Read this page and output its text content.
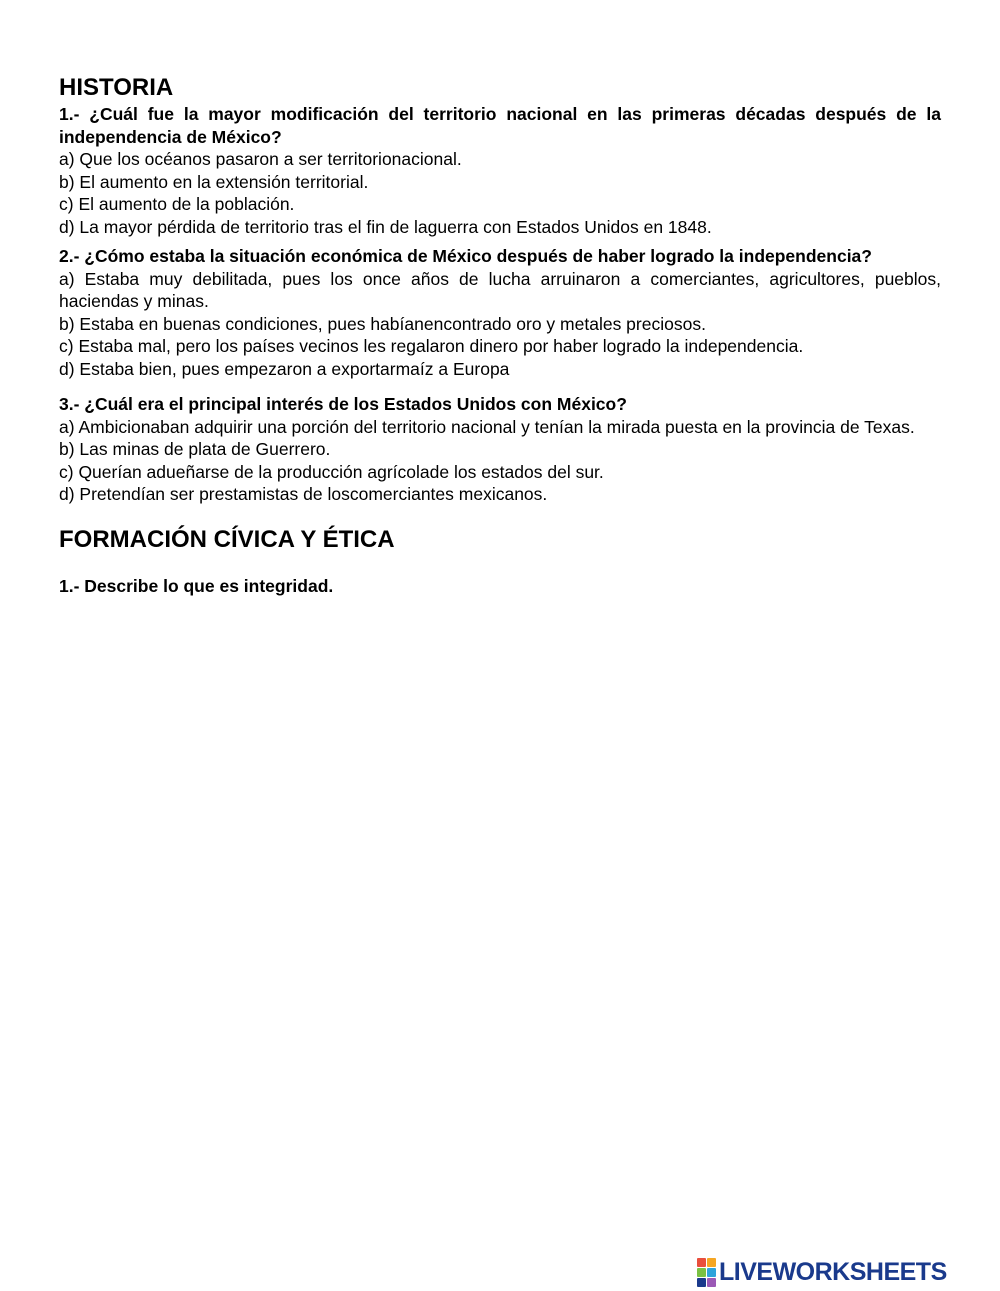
HISTORIA

1.- ¿Cuál fue la mayor modificación del territorio nacional en las primeras décadas después de la independencia de México?

a) Que los océanos pasaron a ser territorionacional.

b) El aumento en la extensión territorial.

c) El aumento de la población.

d) La mayor pérdida de territorio tras el fin de laguerra con Estados Unidos en 1848.

2.- ¿Cómo estaba la situación económica de México después de haber logrado la independencia?

a) Estaba muy debilitada, pues los once años de lucha arruinaron a comerciantes, agricultores, pueblos, haciendas y minas.

b) Estaba en buenas condiciones, pues habíanencontrado oro y metales preciosos.

c) Estaba mal, pero los países vecinos les regalaron dinero por haber logrado la independencia.

d) Estaba bien, pues empezaron a exportarmaíz a Europa

3.- ¿Cuál era el principal interés de los Estados Unidos con México?

a) Ambicionaban adquirir una porción del territorio nacional y tenían la mirada puesta en la provincia de Texas.

b) Las minas de plata de Guerrero.

c) Querían adueñarse de la producción agrícolade los estados del sur.

d) Pretendían ser prestamistas de loscomerciantes mexicanos.

FORMACIÓN CÍVICA Y ÉTICA

1.- Describe lo que es integridad.

LIVEWORKSHEETS
